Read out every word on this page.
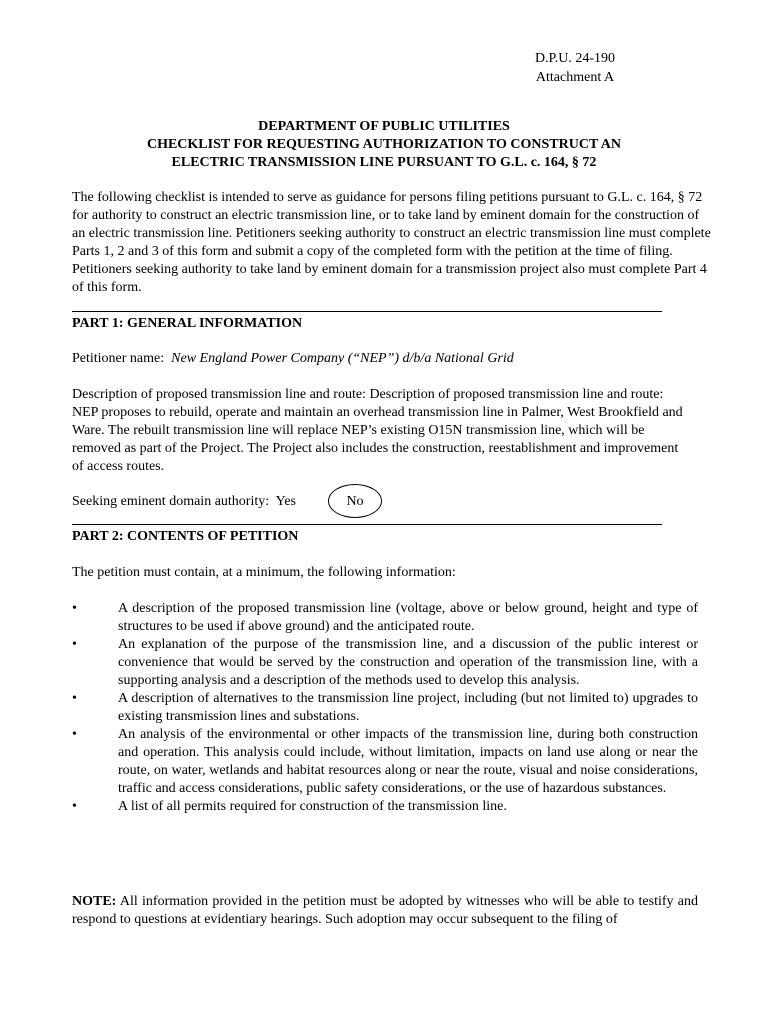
D.P.U. 24-190
Attachment A
DEPARTMENT OF PUBLIC UTILITIES
CHECKLIST FOR REQUESTING AUTHORIZATION TO CONSTRUCT AN
ELECTRIC TRANSMISSION LINE PURSUANT TO G.L. c. 164, § 72
The following checklist is intended to serve as guidance for persons filing petitions pursuant to G.L. c. 164, § 72 for authority to construct an electric transmission line, or to take land by eminent domain for the construction of an electric transmission line. Petitioners seeking authority to construct an electric transmission line must complete Parts 1, 2 and 3 of this form and submit a copy of the completed form with the petition at the time of filing. Petitioners seeking authority to take land by eminent domain for a transmission project also must complete Part 4 of this form.
PART 1: GENERAL INFORMATION
Petitioner name: New England Power Company (“NEP”) d/b/a National Grid
Description of proposed transmission line and route: Description of proposed transmission line and route: NEP proposes to rebuild, operate and maintain an overhead transmission line in Palmer, West Brookfield and Ware. The rebuilt transmission line will replace NEP’s existing O15N transmission line, which will be removed as part of the Project. The Project also includes the construction, reestablishment and improvement of access routes.
Seeking eminent domain authority: Yes	No
PART 2: CONTENTS OF PETITION
The petition must contain, at a minimum, the following information:
•	A description of the proposed transmission line (voltage, above or below ground, height and type of structures to be used if above ground) and the anticipated route.
•	An explanation of the purpose of the transmission line, and a discussion of the public interest or convenience that would be served by the construction and operation of the transmission line, with a supporting analysis and a description of the methods used to develop this analysis.
•	A description of alternatives to the transmission line project, including (but not limited to) upgrades to existing transmission lines and substations.
•	An analysis of the environmental or other impacts of the transmission line, during both construction and operation. This analysis could include, without limitation, impacts on land use along or near the route, on water, wetlands and habitat resources along or near the route, visual and noise considerations, traffic and access considerations, public safety considerations, or the use of hazardous substances.
•	A list of all permits required for construction of the transmission line.
NOTE: All information provided in the petition must be adopted by witnesses who will be able to testify and respond to questions at evidentiary hearings. Such adoption may occur subsequent to the filing of
